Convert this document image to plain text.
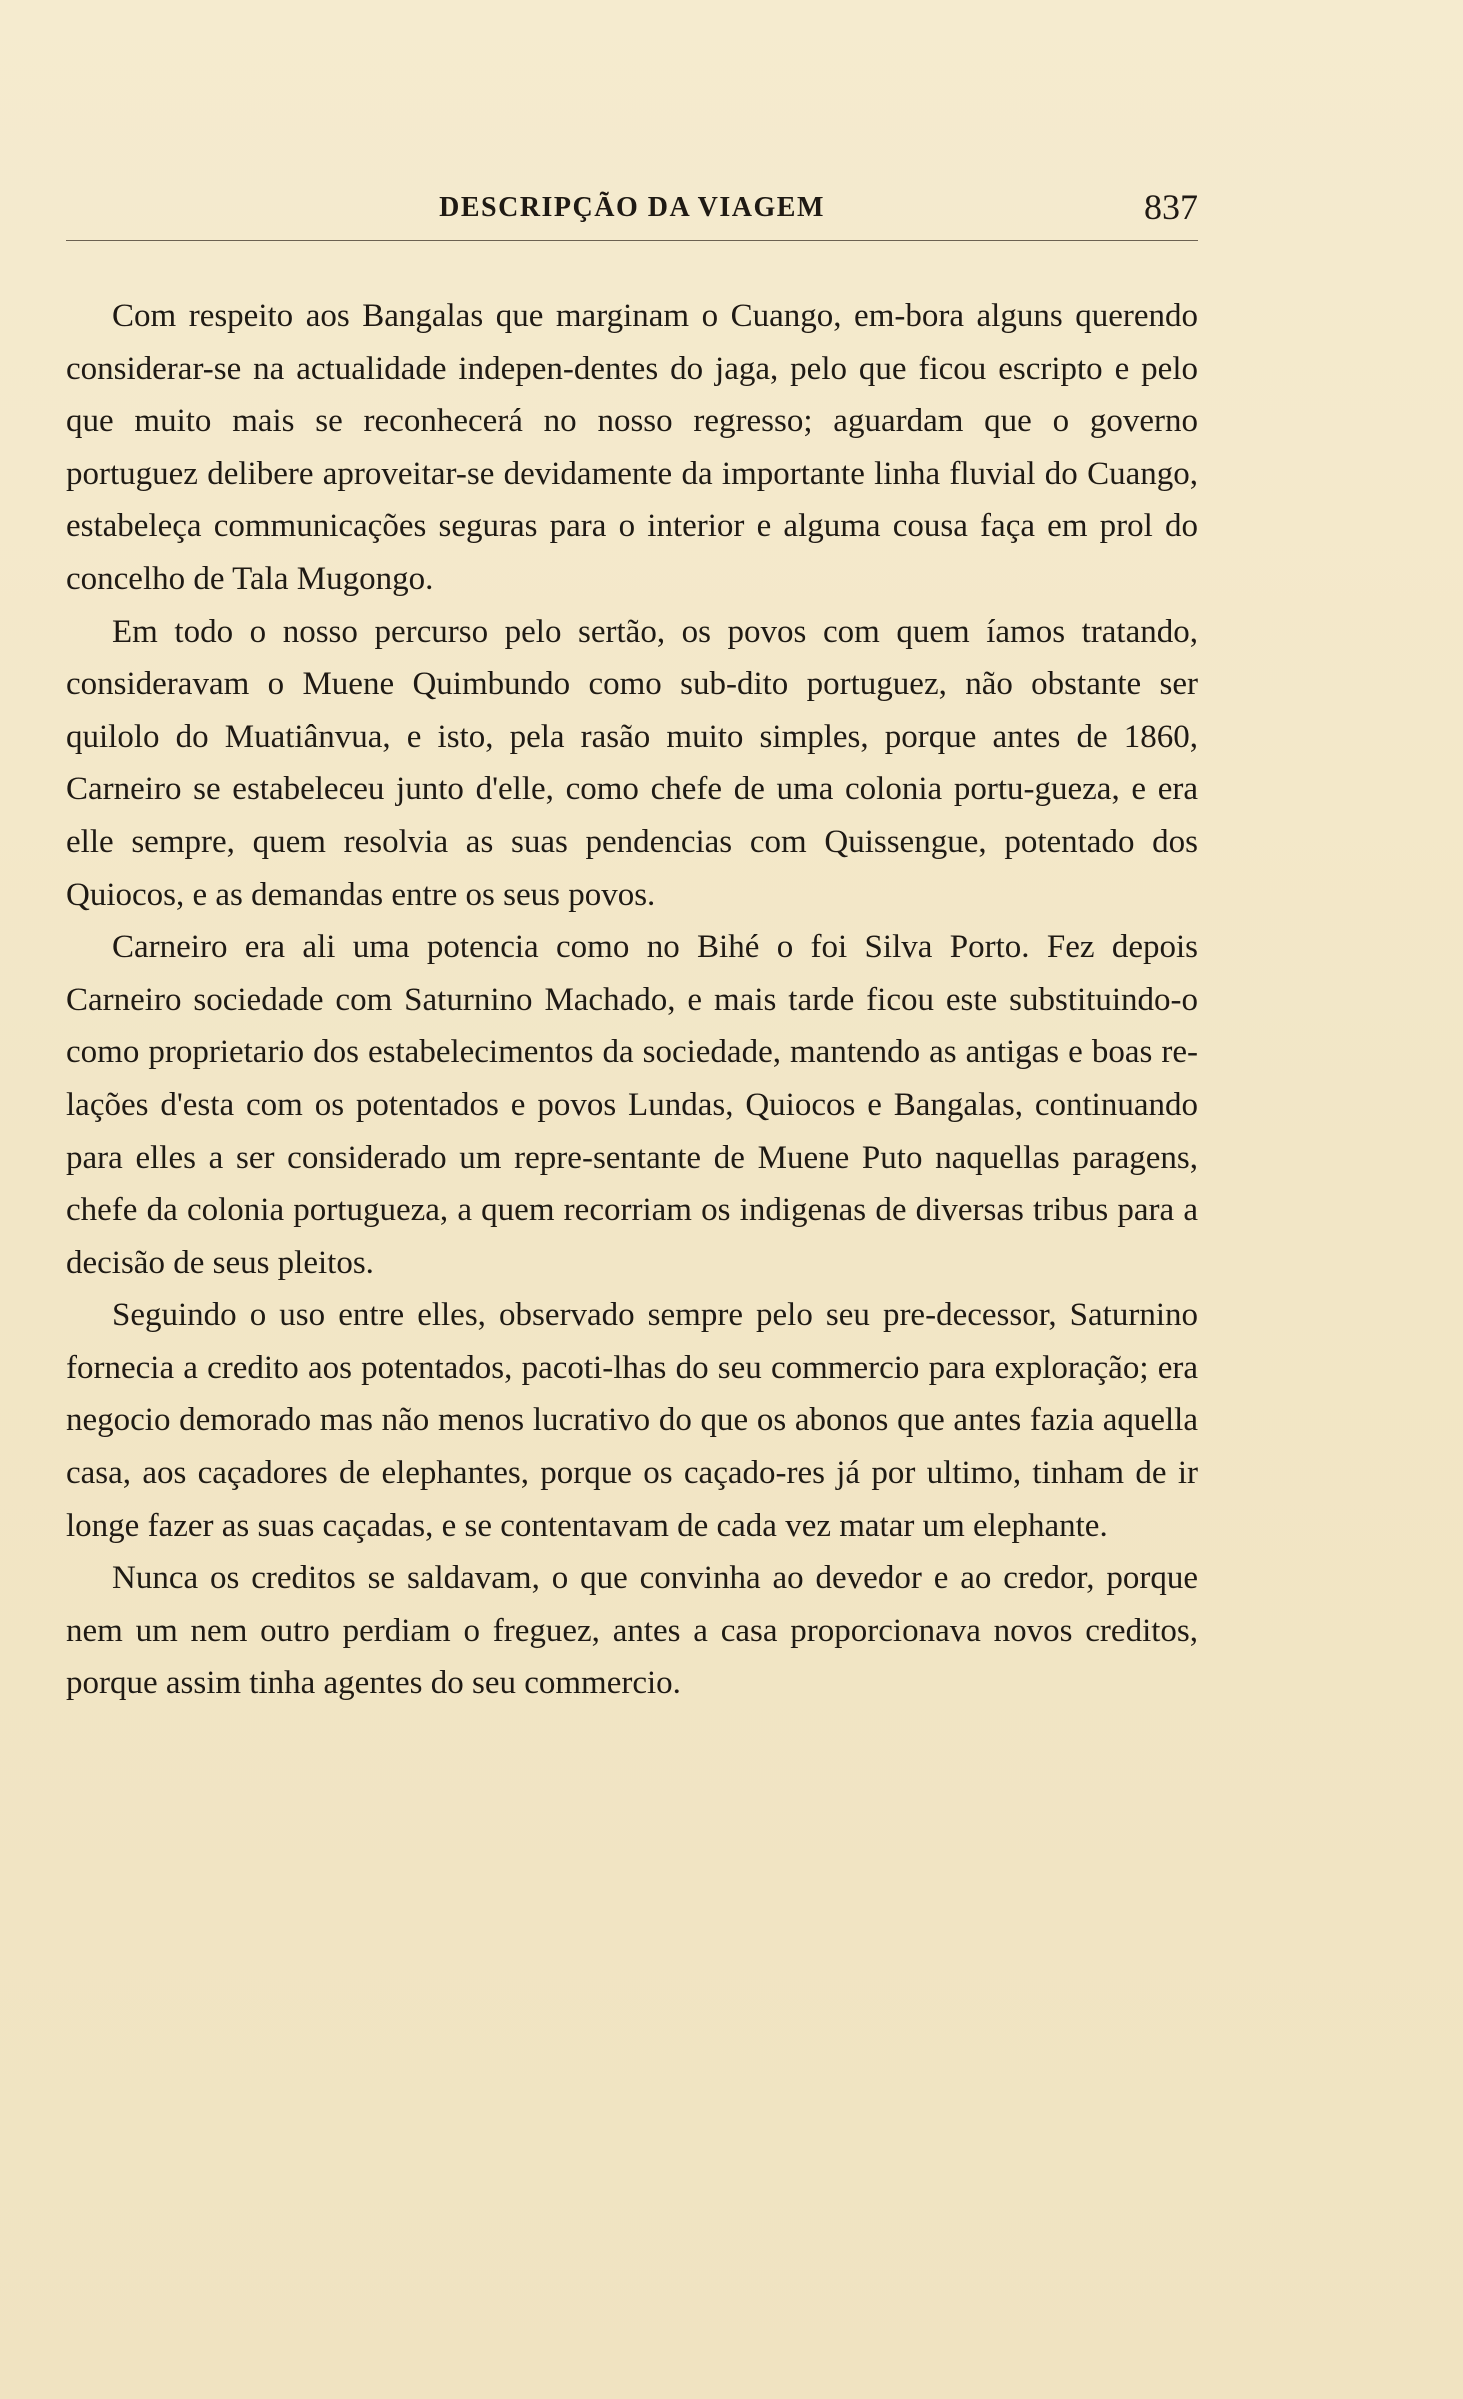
DESCRIPÇÃO DA VIAGEM	837

Com respeito aos Bangalas que marginam o Cuango, em-bora alguns querendo considerar-se na actualidade indepen-dentes do jaga, pelo que ficou escripto e pelo que muito mais se reconhecerá no nosso regresso; aguardam que o governo portuguez delibere aproveitar-se devidamente da importante linha fluvial do Cuango, estabeleça communicações seguras para o interior e alguma cousa faça em prol do concelho de Tala Mugongo.

Em todo o nosso percurso pelo sertão, os povos com quem íamos tratando, consideravam o Muene Quimbundo como sub-dito portuguez, não obstante ser quilolo do Muatiânvua, e isto, pela rasão muito simples, porque antes de 1860, Carneiro se estabeleceu junto d'elle, como chefe de uma colonia portu-gueza, e era elle sempre, quem resolvia as suas pendencias com Quissengue, potentado dos Quiocos, e as demandas entre os seus povos.

Carneiro era ali uma potencia como no Bihé o foi Silva Porto. Fez depois Carneiro sociedade com Saturnino Machado, e mais tarde ficou este substituindo-o como proprietario dos estabelecimentos da sociedade, mantendo as antigas e boas re-lações d'esta com os potentados e povos Lundas, Quiocos e Bangalas, continuando para elles a ser considerado um repre-sentante de Muene Puto naquellas paragens, chefe da colonia portugueza, a quem recorriam os indigenas de diversas tribus para a decisão de seus pleitos.

Seguindo o uso entre elles, observado sempre pelo seu pre-decessor, Saturnino fornecia a credito aos potentados, pacoti-lhas do seu commercio para exploração; era negocio demorado mas não menos lucrativo do que os abonos que antes fazia aquella casa, aos caçadores de elephantes, porque os caçado-res já por ultimo, tinham de ir longe fazer as suas caçadas, e se contentavam de cada vez matar um elephante.

Nunca os creditos se saldavam, o que convinha ao devedor e ao credor, porque nem um nem outro perdiam o freguez, antes a casa proporcionava novos creditos, porque assim tinha agentes do seu commercio.
